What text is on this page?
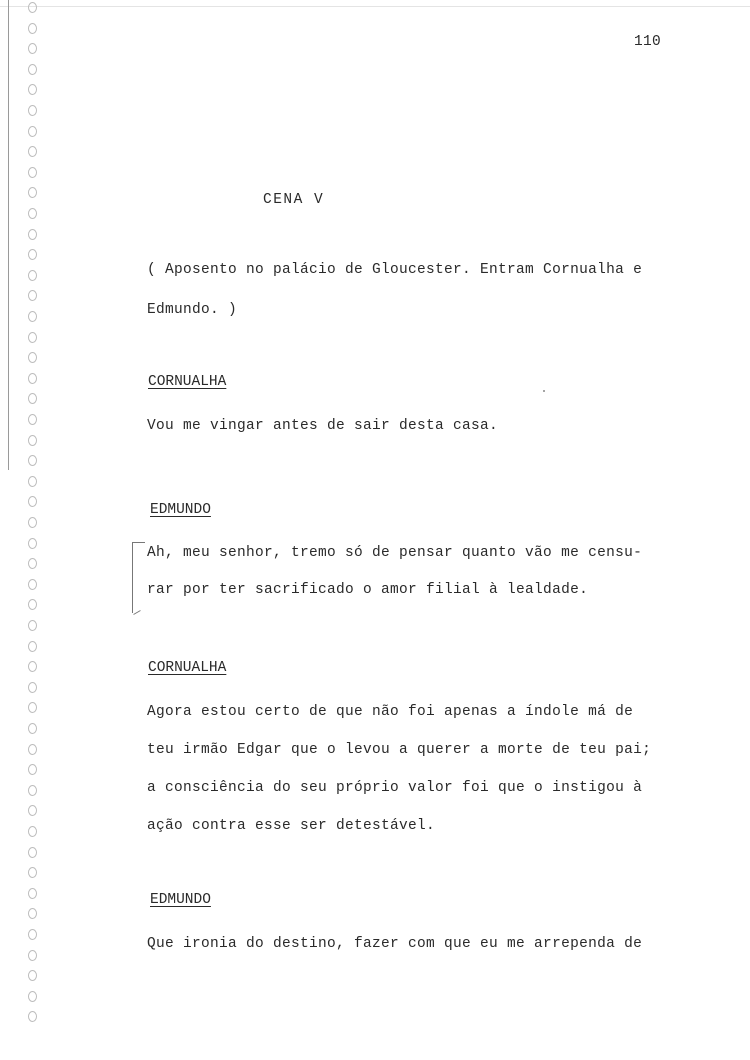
110
CENA V
( Aposento no palácio de Gloucester. Entram Cornualha e
Edmundo. )
CORNUALHA
Vou me vingar antes de sair desta casa.
EDMUNDO
Ah, meu senhor, tremo só de pensar quanto vão me censu-
rar por ter sacrificado o amor filial à lealdade.
CORNUALHA
Agora estou certo de que não foi apenas a índole má de
teu irmão Edgar que o levou a querer a morte de teu pai;
a consciência do seu próprio valor foi que o instigou à
ação contra esse ser detestável.
EDMUNDO
Que ironia do destino, fazer com que eu me arrependa de
